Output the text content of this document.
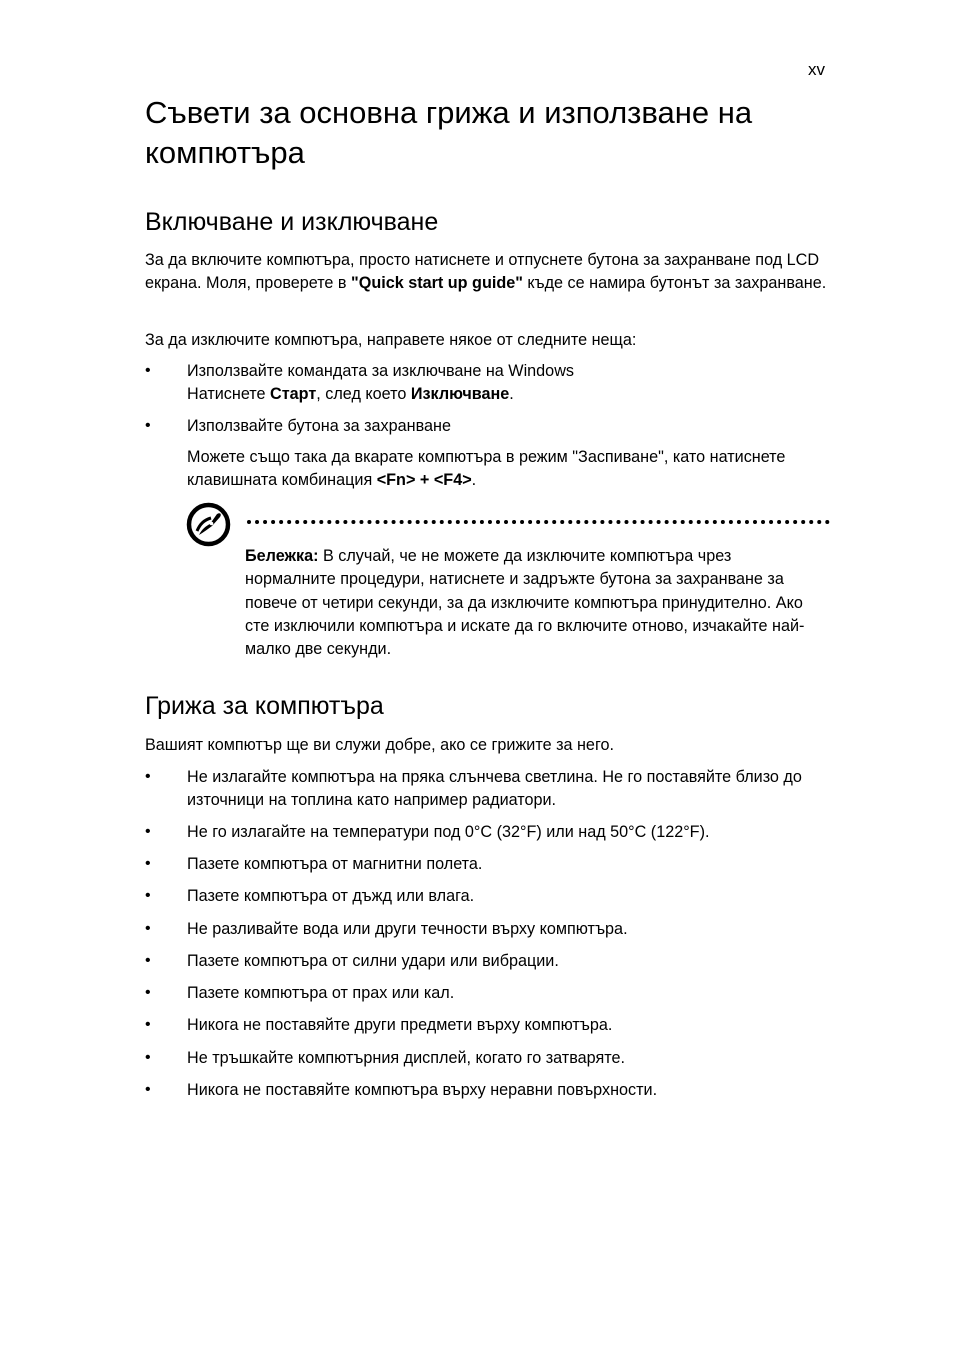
xv
Съвети за основна грижа и използване на компютъра
Включване и изключване

За да включите компютъра, просто натиснете и отпуснете бутона за захранване под LCD екрана. Моля, проверете в "Quick start up guide" къде се намира бутонът за захранване.

За да изключите компютъра, направете някое от следните неща:

• Използвайте командата за изключване на Windows
Натиснете Старт, след което Изключване.
• Използвайте бутона за захранване
Можете също така да вкарате компютъра в режим "Заспиване", като натиснете клавишната комбинация <Fn> + <F4>.
Бележка: В случай, че не можете да изключите компютъра чрез нормалните процедури, натиснете и задръжте бутона за захранване за повече от четири секунди, за да изключите компютъра принудително. Ако сте изключили компютъра и искате да го включите отново, изчакайте най-малко две секунди.
Грижа за компютъра

Вашият компютър ще ви служи добре, ако се грижите за него.

• Не излагайте компютъра на пряка слънчева светлина. Не го поставяйте близо до източници на топлина като например радиатори.
• Не го излагайте на температури под 0°C (32°F) или над 50°C (122°F).
• Пазете компютъра от магнитни полета.
• Пазете компютъра от дъжд или влага.
• Не разливайте вода или други течности върху компютъра.
• Пазете компютъра от силни удари или вибрации.
• Пазете компютъра от прах или кал.
• Никога не поставяйте други предмети върху компютъра.
• Не тръшкайте компютърния дисплей, когато го затваряте.
• Никога не поставяйте компютъра върху неравни повърхности.
